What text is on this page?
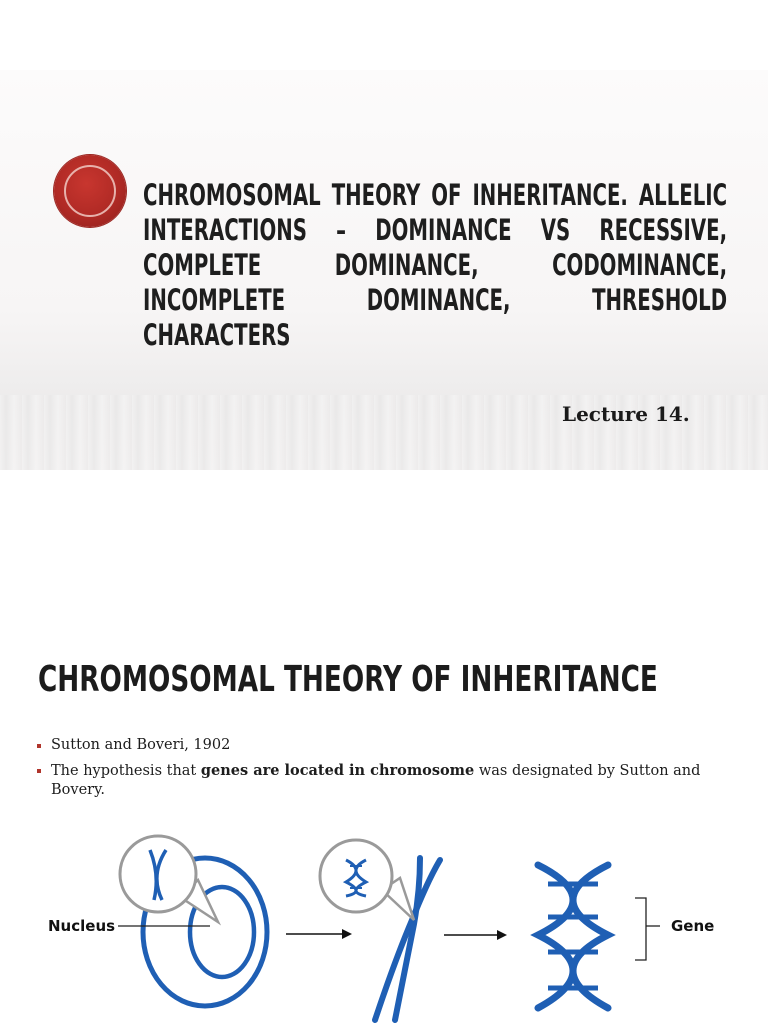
CHROMOSOMAL THEORY OF INHERITANCE. ALLELIC INTERACTIONS – DOMINANCE VS RECESSIVE, COMPLETE DOMINANCE, CODOMINANCE, INCOMPLETE DOMINANCE, THRESHOLD CHARACTERS

Lecture 14.
CHROMOSOMAL THEORY OF INHERITANCE
Sutton and Boveri, 1902
The hypothesis that genes are located in chromosome was designated by Sutton and Bovery.
Nucleus	Gene
